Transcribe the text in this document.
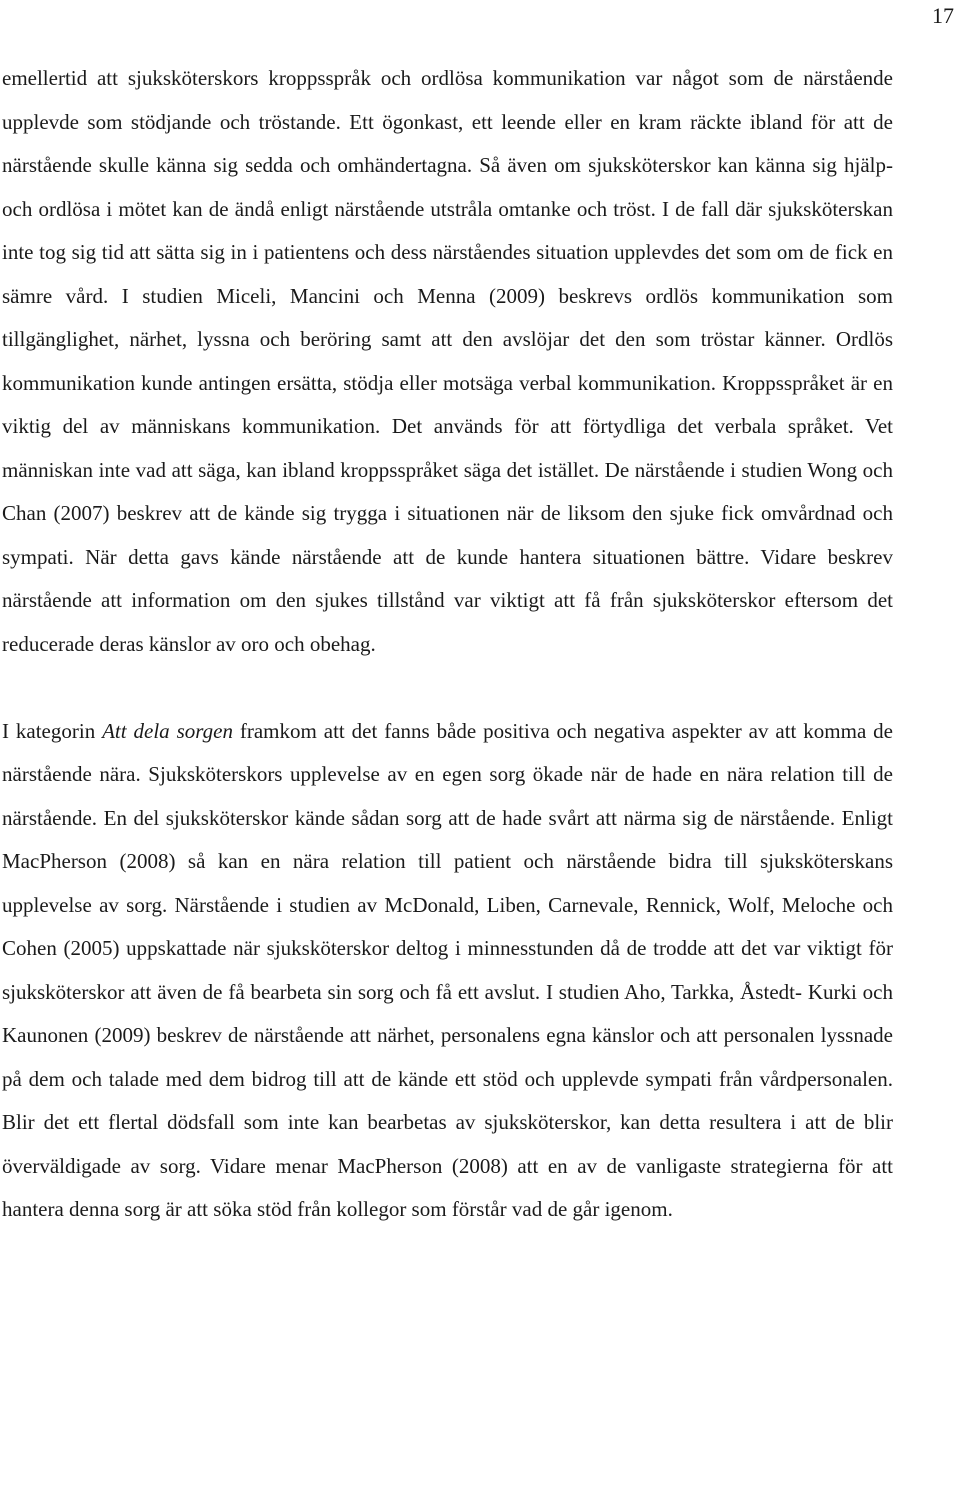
17

emellertid att sjuksköterskors kroppsspråk och ordlösa kommunikation var något som de närstående upplevde som stödjande och tröstande. Ett ögonkast, ett leende eller en kram räckte ibland för att de närstående skulle känna sig sedda och omhändertagna. Så även om sjuksköterskor kan känna sig hjälp- och ordlösa i mötet kan de ändå enligt närstående utstråla omtanke och tröst. I de fall där sjuksköterskan inte tog sig tid att sätta sig in i patientens och dess närståendes situation upplevdes det som om de fick en sämre vård. I studien Miceli, Mancini och Menna (2009) beskrevs ordlös kommunikation som tillgänglighet, närhet, lyssna och beröring samt att den avslöjar det den som tröstar känner. Ordlös kommunikation kunde antingen ersätta, stödja eller motsäga verbal kommunikation. Kroppsspråket är en viktig del av människans kommunikation. Det används för att förtydliga det verbala språket. Vet människan inte vad att säga, kan ibland kroppsspråket säga det istället. De närstående i studien Wong och Chan (2007) beskrev att de kände sig trygga i situationen när de liksom den sjuke fick omvårdnad och sympati. När detta gavs kände närstående att de kunde hantera situationen bättre. Vidare beskrev närstående att information om den sjukes tillstånd var viktigt att få från sjuksköterskor eftersom det reducerade deras känslor av oro och obehag.

I kategorin Att dela sorgen framkom att det fanns både positiva och negativa aspekter av att komma de närstående nära. Sjuksköterskors upplevelse av en egen sorg ökade när de hade en nära relation till de närstående. En del sjuksköterskor kände sådan sorg att de hade svårt att närma sig de närstående. Enligt MacPherson (2008) så kan en nära relation till patient och närstående bidra till sjuksköterskans upplevelse av sorg. Närstående i studien av McDonald, Liben, Carnevale, Rennick, Wolf, Meloche och Cohen (2005) uppskattade när sjuksköterskor deltog i minnesstunden då de trodde att det var viktigt för sjuksköterskor att även de få bearbeta sin sorg och få ett avslut. I studien Aho, Tarkka, Åstedt- Kurki och Kaunonen (2009) beskrev de närstående att närhet, personalens egna känslor och att personalen lyssnade på dem och talade med dem bidrog till att de kände ett stöd och upplevde sympati från vårdpersonalen. Blir det ett flertal dödsfall som inte kan bearbetas av sjuksköterskor, kan detta resultera i att de blir överväldigade av sorg. Vidare menar MacPherson (2008) att en av de vanligaste strategierna för att hantera denna sorg är att söka stöd från kollegor som förstår vad de går igenom.
